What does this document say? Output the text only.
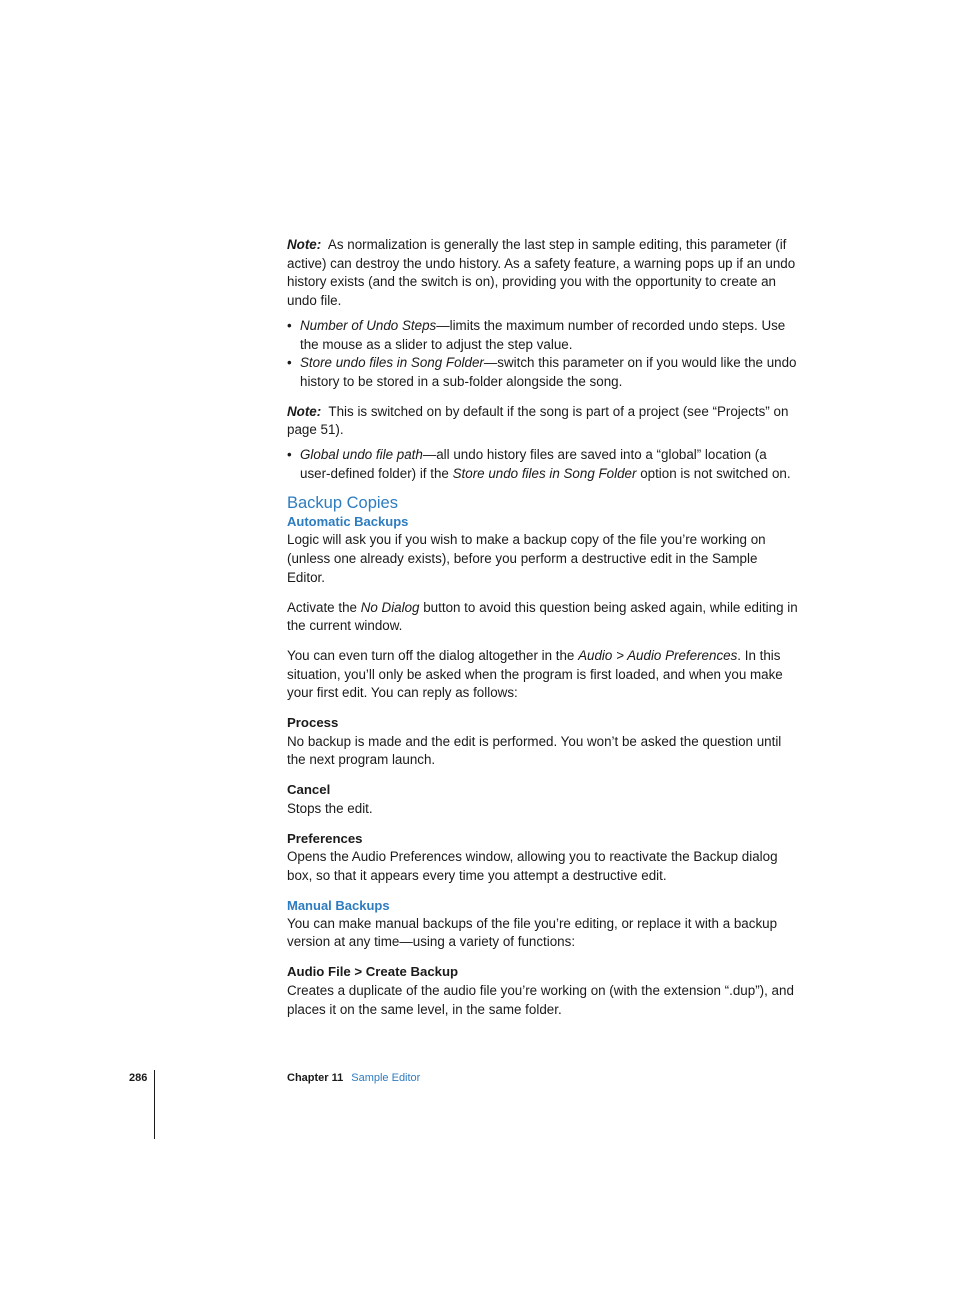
Note: As normalization is generally the last step in sample editing, this parameter (if active) can destroy the undo history. As a safety feature, a warning pops up if an undo history exists (and the switch is on), providing you with the opportunity to create an undo file.

• Number of Undo Steps—limits the maximum number of recorded undo steps. Use the mouse as a slider to adjust the step value.
• Store undo files in Song Folder—switch this parameter on if you would like the undo history to be stored in a sub-folder alongside the song.

Note: This is switched on by default if the song is part of a project (see “Projects” on page 51).

• Global undo file path—all undo history files are saved into a “global” location (a user-defined folder) if the Store undo files in Song Folder option is not switched on.
Backup Copies
Automatic Backups

Logic will ask you if you wish to make a backup copy of the file you’re working on (unless one already exists), before you perform a destructive edit in the Sample Editor.

Activate the No Dialog button to avoid this question being asked again, while editing in the current window.

You can even turn off the dialog altogether in the Audio > Audio Preferences. In this situation, you’ll only be asked when the program is first loaded, and when you make your first edit. You can reply as follows:

Process
No backup is made and the edit is performed. You won’t be asked the question until the next program launch.
Cancel
Stops the edit.
Preferences
Opens the Audio Preferences window, allowing you to reactivate the Backup dialog box, so that it appears every time you attempt a destructive edit.
Manual Backups

You can make manual backups of the file you’re editing, or replace it with a backup version at any time—using a variety of functions:

Audio File > Create Backup
Creates a duplicate of the audio file you’re working on (with the extension “.dup”), and places it on the same level, in the same folder.
286	Chapter 11 Sample Editor
